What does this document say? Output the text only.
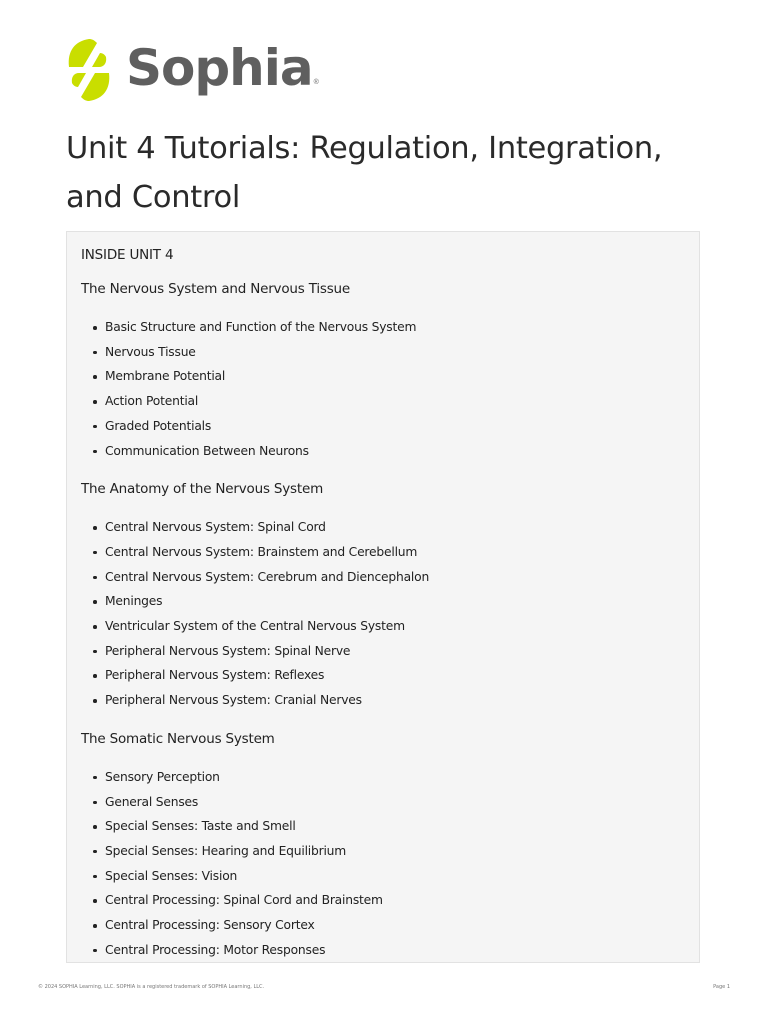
Sophia ®
Unit 4 Tutorials: Regulation, Integration, and Control
INSIDE UNIT 4
The Nervous System and Nervous Tissue
Basic Structure and Function of the Nervous System
Nervous Tissue
Membrane Potential
Action Potential
Graded Potentials
Communication Between Neurons
The Anatomy of the Nervous System
Central Nervous System: Spinal Cord
Central Nervous System: Brainstem and Cerebellum
Central Nervous System: Cerebrum and Diencephalon
Meninges
Ventricular System of the Central Nervous System
Peripheral Nervous System: Spinal Nerve
Peripheral Nervous System: Reflexes
Peripheral Nervous System: Cranial Nerves
The Somatic Nervous System
Sensory Perception
General Senses
Special Senses: Taste and Smell
Special Senses: Hearing and Equilibrium
Special Senses: Vision
Central Processing: Spinal Cord and Brainstem
Central Processing: Sensory Cortex
Central Processing: Motor Responses
© 2024 SOPHIA Learning, LLC. SOPHIA is a registered trademark of SOPHIA Learning, LLC.	Page 1
